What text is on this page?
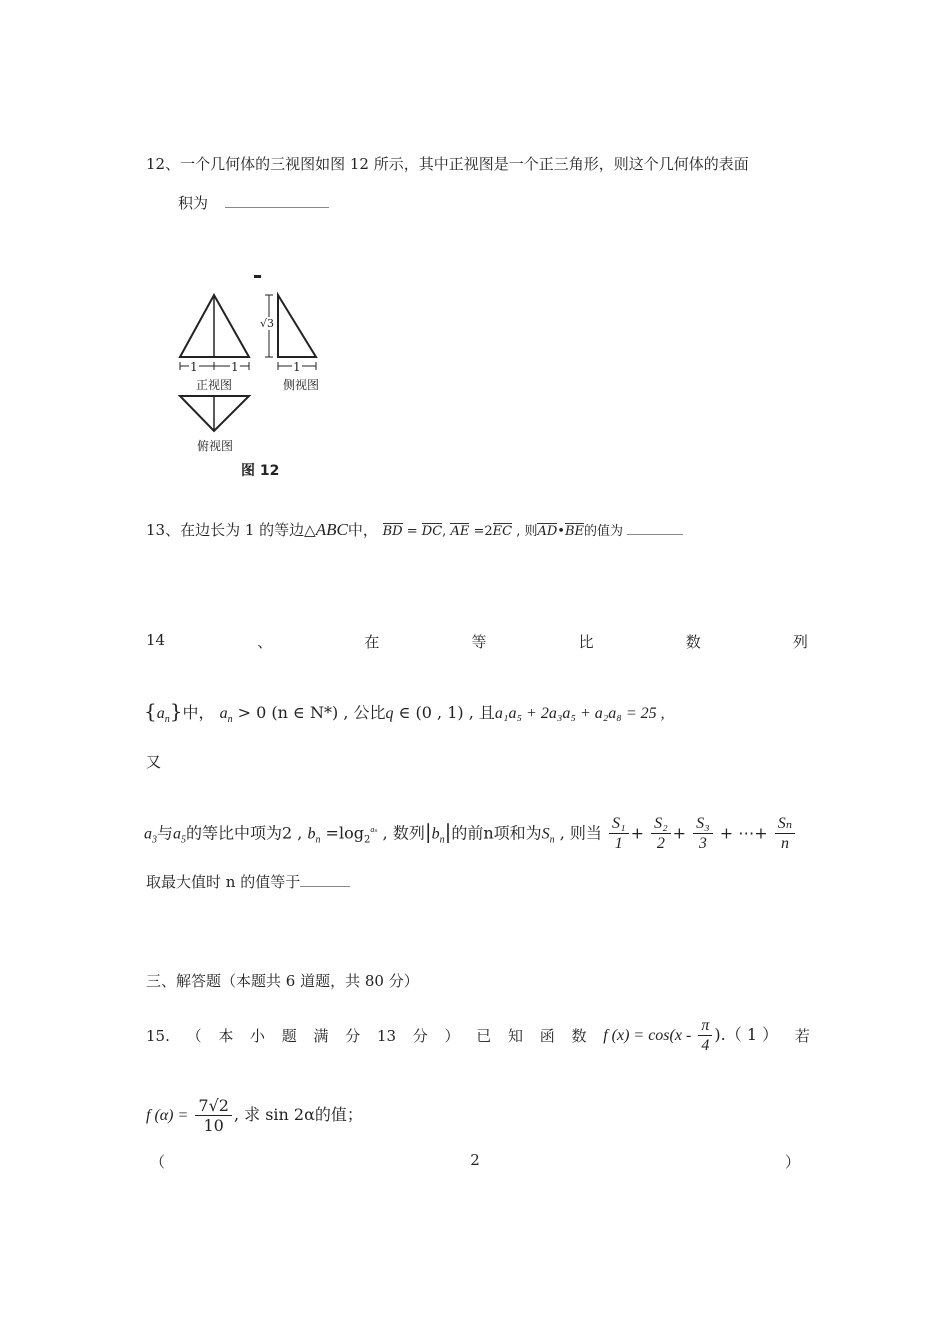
12、一个几何体的三视图如图 12 所示，其中正视图是一个正三角形，则这个几何体的表面
积为
1	1	1
√3
正视图	侧视图
俯视图
图 12
13、在边长为 1 的等边△ABC中， BD = DC, AE =2EC , 则AD•BE的值为
14	、	在	等	比	数	列
$\{a_n\}$中， $a_n > 0$ (n ∈ N*) , 公比q ∈ (0 , 1) , 且a₁a₅ + 2a₃a₅ + a₂a₈ = 25 ,
又
$a_3$与$a_5$的等比中项为2 , $b_n =\log_2^{a_n}$ , 数列$|b_n|$的前n项和为$S_n$ , 则当 $\frac{\text{S₁}}{1} + \frac{\text{S₂}}{2} + \frac{\text{S₃}}{3}$ + ⋯+ $\frac{\text{Sₙ}}{n}$
取最大值时 n 的值等于
三、解答题（本题共 6 道题，共 80 分）
15. （ 本 小 题 满 分 13 分 ） 已 知 函 数 f $(x) = \cos(x - \frac{\pi}{4}$ ).（ 1 ） 若
f $(\alpha) = \frac{7√2}{10}$ , 求 sin 2α的值；
（	2	）
